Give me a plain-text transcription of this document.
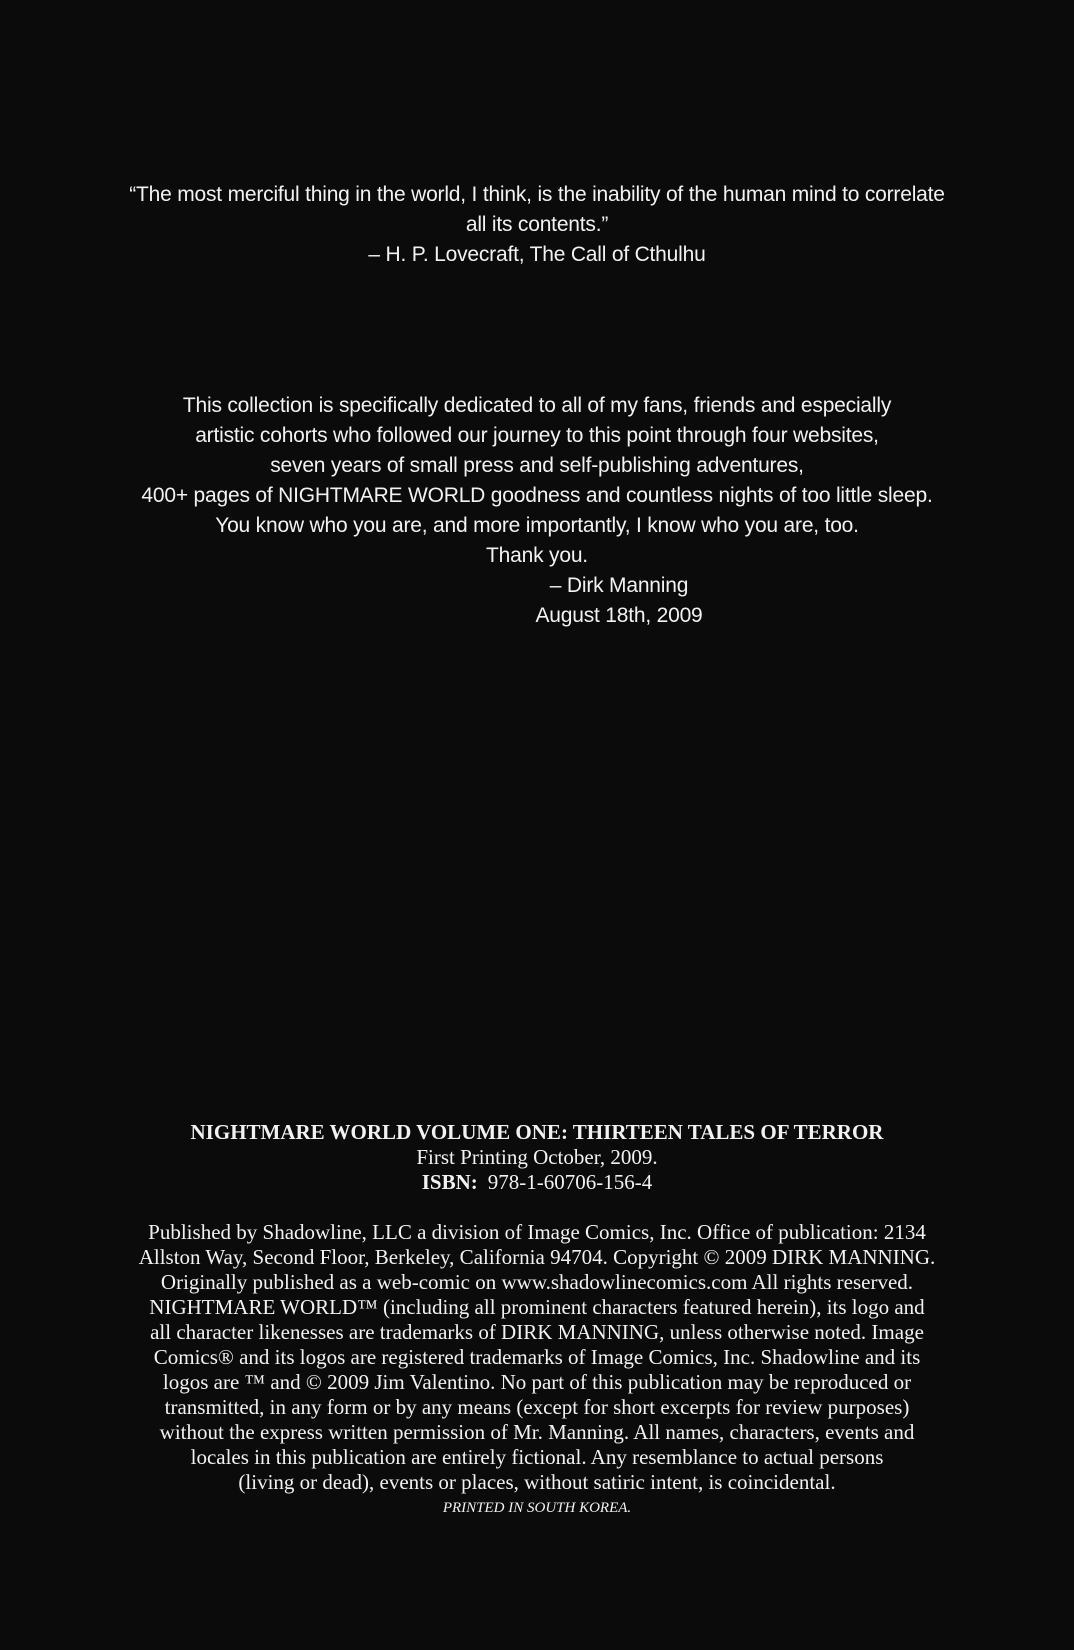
“The most merciful thing in the world, I think, is the inability of the human mind to correlate
all its contents.”
– H. P. Lovecraft, The Call of Cthulhu
This collection is specifically dedicated to all of my fans, friends and especially
artistic cohorts who followed our journey to this point through four websites,
seven years of small press and self-publishing adventures,
400+ pages of NIGHTMARE WORLD goodness and countless nights of too little sleep.
You know who you are, and more importantly, I know who you are, too.
Thank you.
– Dirk Manning
August 18th, 2009
NIGHTMARE WORLD VOLUME ONE: THIRTEEN TALES OF TERROR
First Printing October, 2009.
ISBN: 978-1-60706-156-4
Published by Shadowline, LLC a division of Image Comics, Inc. Office of publication: 2134
Allston Way, Second Floor, Berkeley, California 94704. Copyright © 2009 DIRK MANNING.
Originally published as a web-comic on www.shadowlinecomics.com All rights reserved.
NIGHTMARE WORLD™ (including all prominent characters featured herein), its logo and
all character likenesses are trademarks of DIRK MANNING, unless otherwise noted. Image
Comics® and its logos are registered trademarks of Image Comics, Inc. Shadowline and its
logos are ™ and © 2009 Jim Valentino. No part of this publication may be reproduced or
transmitted, in any form or by any means (except for short excerpts for review purposes)
without the express written permission of Mr. Manning. All names, characters, events and
locales in this publication are entirely fictional. Any resemblance to actual persons
(living or dead), events or places, without satiric intent, is coincidental.
PRINTED IN SOUTH KOREA.
